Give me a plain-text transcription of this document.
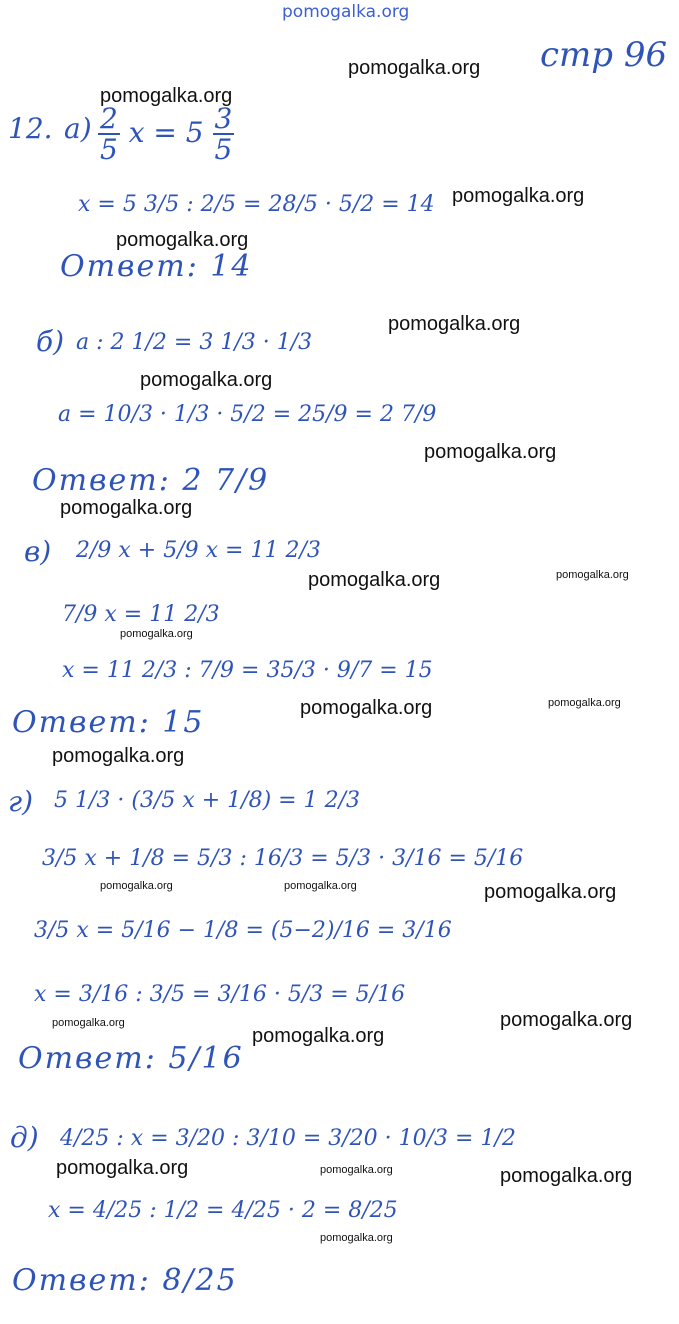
pomogalka.org
стр 96
pomogalka.org
pomogalka.org
pomogalka.org
pomogalka.org
pomogalka.org
pomogalka.org
pomogalka.org
pomogalka.org
pomogalka.org	pomogalka.org
pomogalka.org
pomogalka.org	pomogalka.org
pomogalka.org
pomogalka.org	pomogalka.org	pomogalka.org
pomogalka.org	pomogalka.org
pomogalka.org
pomogalka.org	pomogalka.org	pomogalka.org
pomogalka.org
12. $а) \frac{2}{5}$ $x = 5 \frac{3}{5}$
x = 5 3/5 : 2/5 = 28/5 · 5/2 = 14
Ответ: 14
б) a : 2 1/2 = 3 1/3 · 1/3
a = 10/3 · 1/3 · 5/2 = 25/9 = 2 7/9
Ответ: 2 7/9
в) 2/9 x + 5/9 x = 11 2/3
7/9 x = 11 2/3
x = 11 2/3 : 7/9 = 35/3 · 9/7 = 15
Ответ: 15
г) 5 1/3 · (3/5 x + 1/8) = 1 2/3
3/5 x + 1/8 = 5/3 : 16/3 = 5/3 · 3/16 = 5/16
3/5 x = 5/16 − 1/8 = (5−2)/16 = 3/16
x = 3/16 : 3/5 = 3/16 · 5/3 = 5/16
Ответ: 5/16
д) 4/25 : x = 3/20 : 3/10 = 3/20 · 10/3 = 1/2
x = 4/25 : 1/2 = 4/25 · 2 = 8/25
Ответ: 8/25
